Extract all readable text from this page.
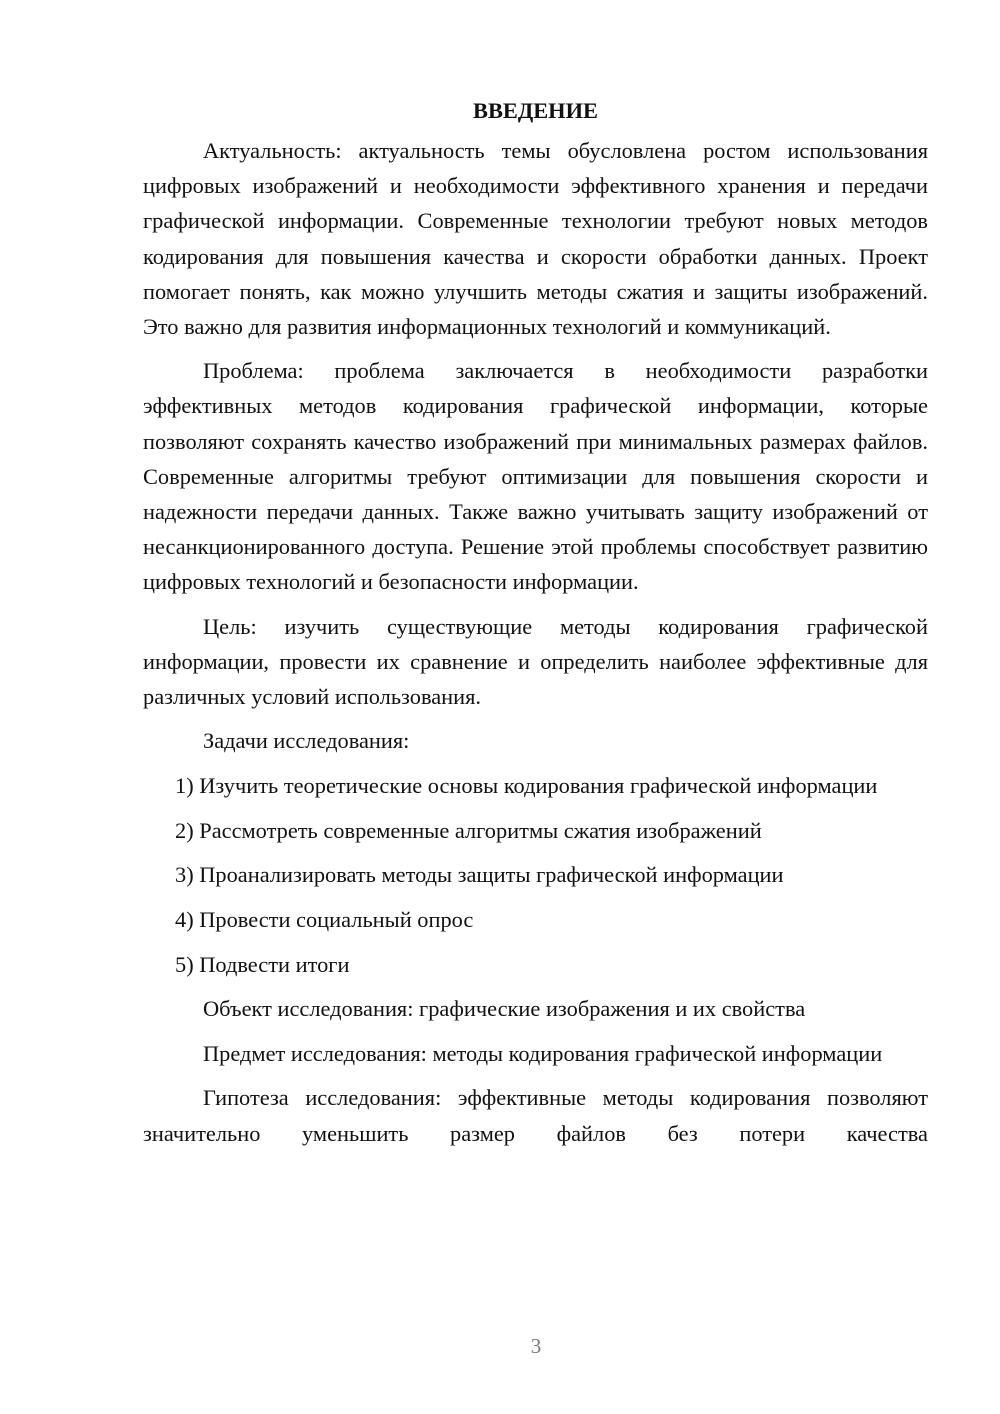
ВВЕДЕНИЕ

Актуальность: актуальность темы обусловлена ростом использования цифровых изображений и необходимости эффективного хранения и передачи графической информации. Современные технологии требуют новых методов кодирования для повышения качества и скорости обработки данных. Проект помогает понять, как можно улучшить методы сжатия и защиты изображений. Это важно для развития информационных технологий и коммуникаций.

Проблема: проблема заключается в необходимости разработки эффективных методов кодирования графической информации, которые позволяют сохранять качество изображений при минимальных размерах файлов. Современные алгоритмы требуют оптимизации для повышения скорости и надежности передачи данных. Также важно учитывать защиту изображений от несанкционированного доступа. Решение этой проблемы способствует развитию цифровых технологий и безопасности информации.

Цель: изучить существующие методы кодирования графической информации, провести их сравнение и определить наиболее эффективные для различных условий использования.

Задачи исследования:

1) Изучить теоретические основы кодирования графической информации

2) Рассмотреть современные алгоритмы сжатия изображений

3) Проанализировать методы защиты графической информации

4) Провести социальный опрос

5) Подвести итоги

Объект исследования: графические изображения и их свойства

Предмет исследования: методы кодирования графической информации

Гипотеза исследования: эффективные методы кодирования позволяют значительно уменьшить размер файлов без потери качества

3
